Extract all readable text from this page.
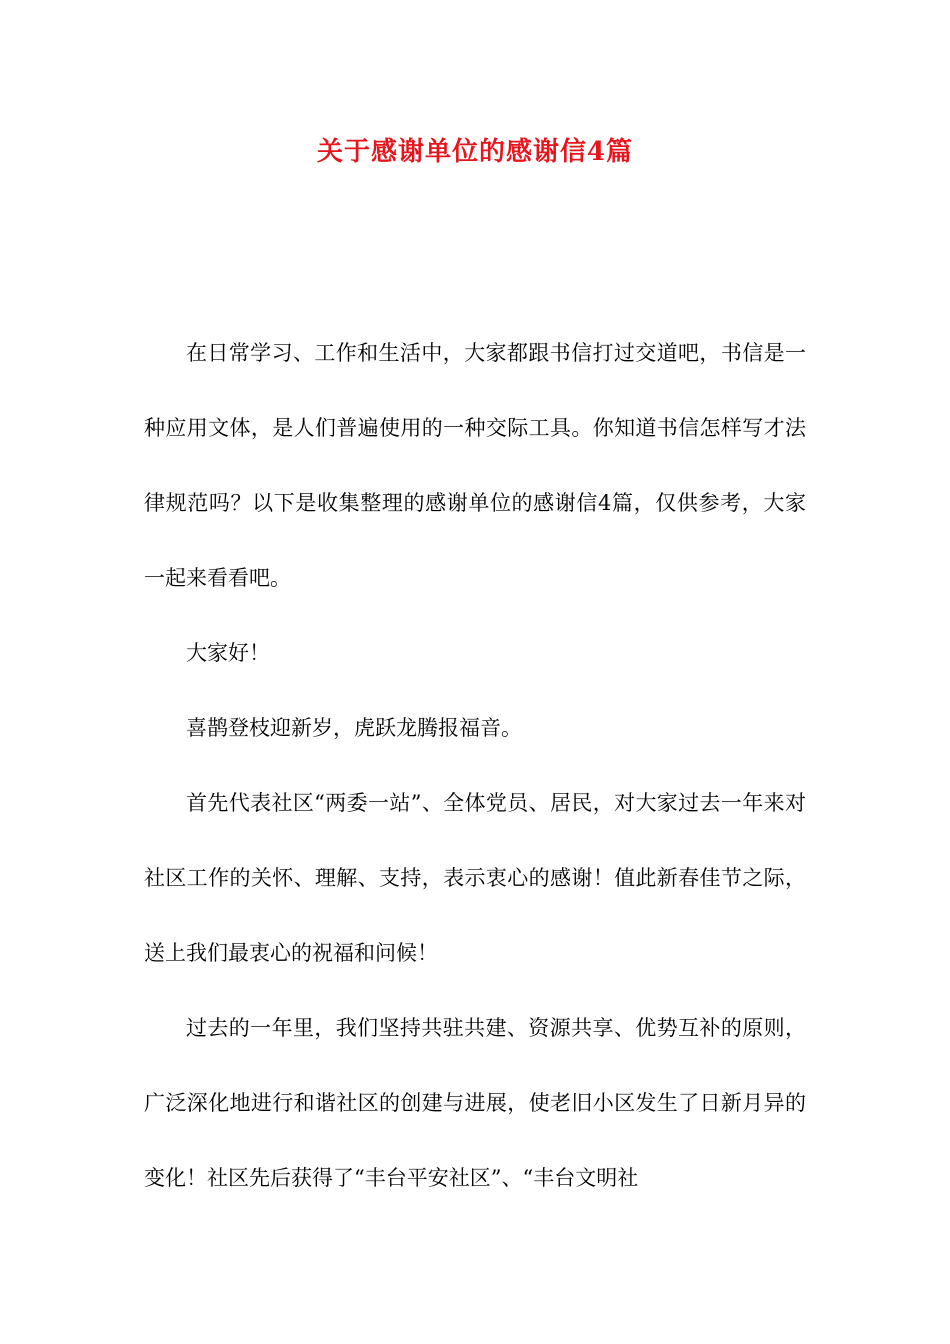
关于感谢单位的感谢信4篇

在日常学习、工作和生活中，大家都跟书信打过交道吧，书信是一种应用文体，是人们普遍使用的一种交际工具。你知道书信怎样写才法律规范吗？以下是收集整理的感谢单位的感谢信4篇，仅供参考，大家一起来看看吧。

大家好！

喜鹊登枝迎新岁，虎跃龙腾报福音。

首先代表社区“两委一站”、全体党员、居民，对大家过去一年来对社区工作的关怀、理解、支持，表示衷心的感谢！值此新春佳节之际，送上我们最衷心的祝福和问候！

过去的一年里，我们坚持共驻共建、资源共享、优势互补的原则，广泛深化地进行和谐社区的创建与进展，使老旧小区发生了日新月异的变化！社区先后获得了“丰台平安社区”、“丰台文明社
